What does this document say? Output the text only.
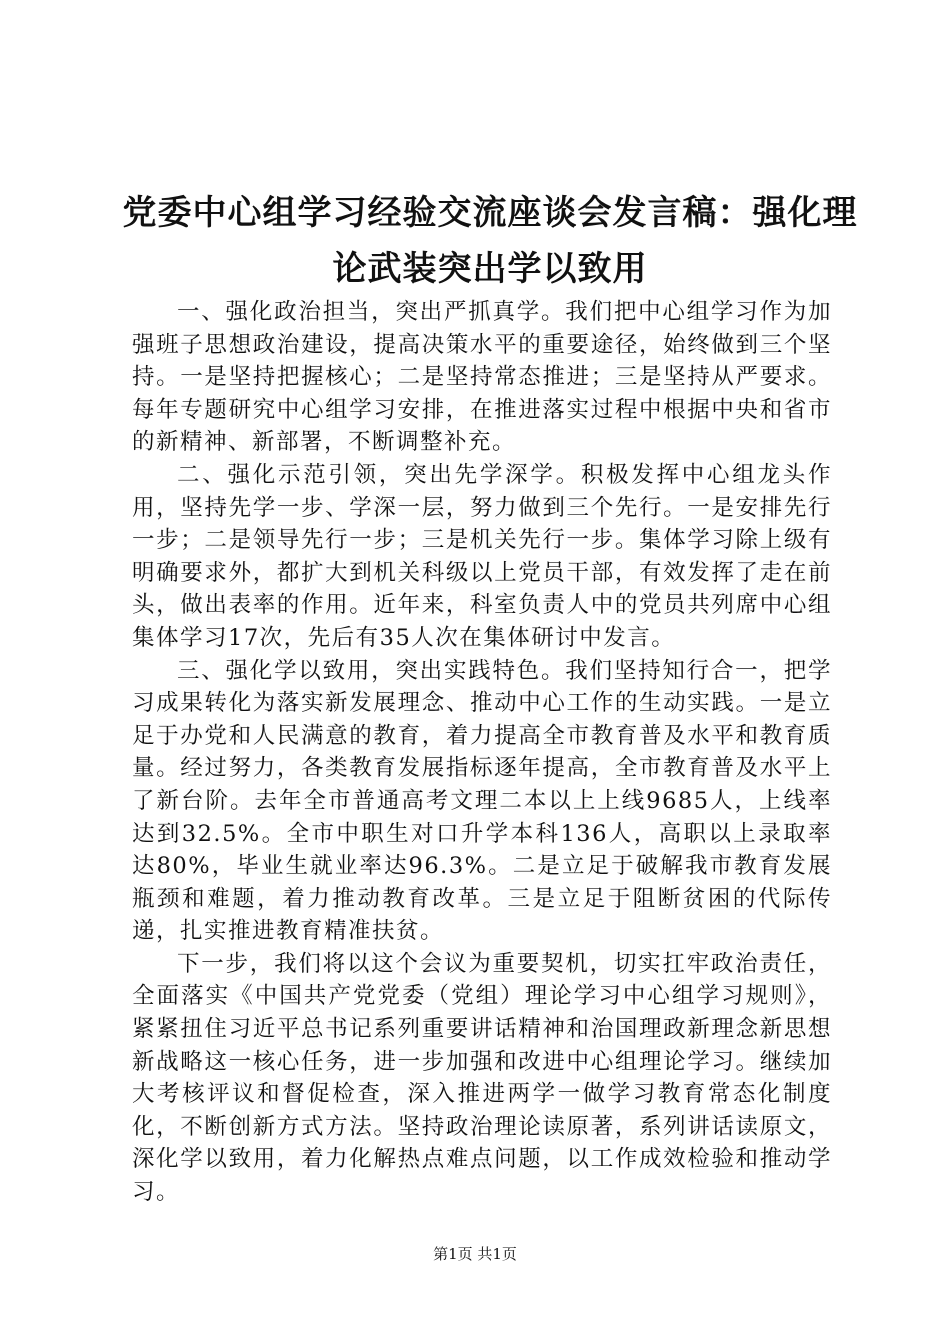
党委中心组学习经验交流座谈会发言稿：强化理论武装突出学以致用

一、强化政治担当，突出严抓真学。我们把中心组学习作为加强班子思想政治建设，提高决策水平的重要途径，始终做到三个坚持。一是坚持把握核心；二是坚持常态推进；三是坚持从严要求。每年专题研究中心组学习安排，在推进落实过程中根据中央和省市的新精神、新部署，不断调整补充。

二、强化示范引领，突出先学深学。积极发挥中心组龙头作用，坚持先学一步、学深一层，努力做到三个先行。一是安排先行一步；二是领导先行一步；三是机关先行一步。集体学习除上级有明确要求外，都扩大到机关科级以上党员干部，有效发挥了走在前头，做出表率的作用。近年来，科室负责人中的党员共列席中心组集体学习17次，先后有35人次在集体研讨中发言。

三、强化学以致用，突出实践特色。我们坚持知行合一，把学习成果转化为落实新发展理念、推动中心工作的生动实践。一是立足于办党和人民满意的教育，着力提高全市教育普及水平和教育质量。经过努力，各类教育发展指标逐年提高，全市教育普及水平上了新台阶。去年全市普通高考文理二本以上上线9685人，上线率达到32.5%。全市中职生对口升学本科136人，高职以上录取率达80%，毕业生就业率达96.3%。二是立足于破解我市教育发展瓶颈和难题，着力推动教育改革。三是立足于阻断贫困的代际传递，扎实推进教育精准扶贫。

下一步，我们将以这个会议为重要契机，切实扛牢政治责任，全面落实《中国共产党党委（党组）理论学习中心组学习规则》，紧紧扭住习近平总书记系列重要讲话精神和治国理政新理念新思想新战略这一核心任务，进一步加强和改进中心组理论学习。继续加大考核评议和督促检查，深入推进两学一做学习教育常态化制度化，不断创新方式方法。坚持政治理论读原著，系列讲话读原文，深化学以致用，着力化解热点难点问题，以工作成效检验和推动学习。

第1页 共1页
